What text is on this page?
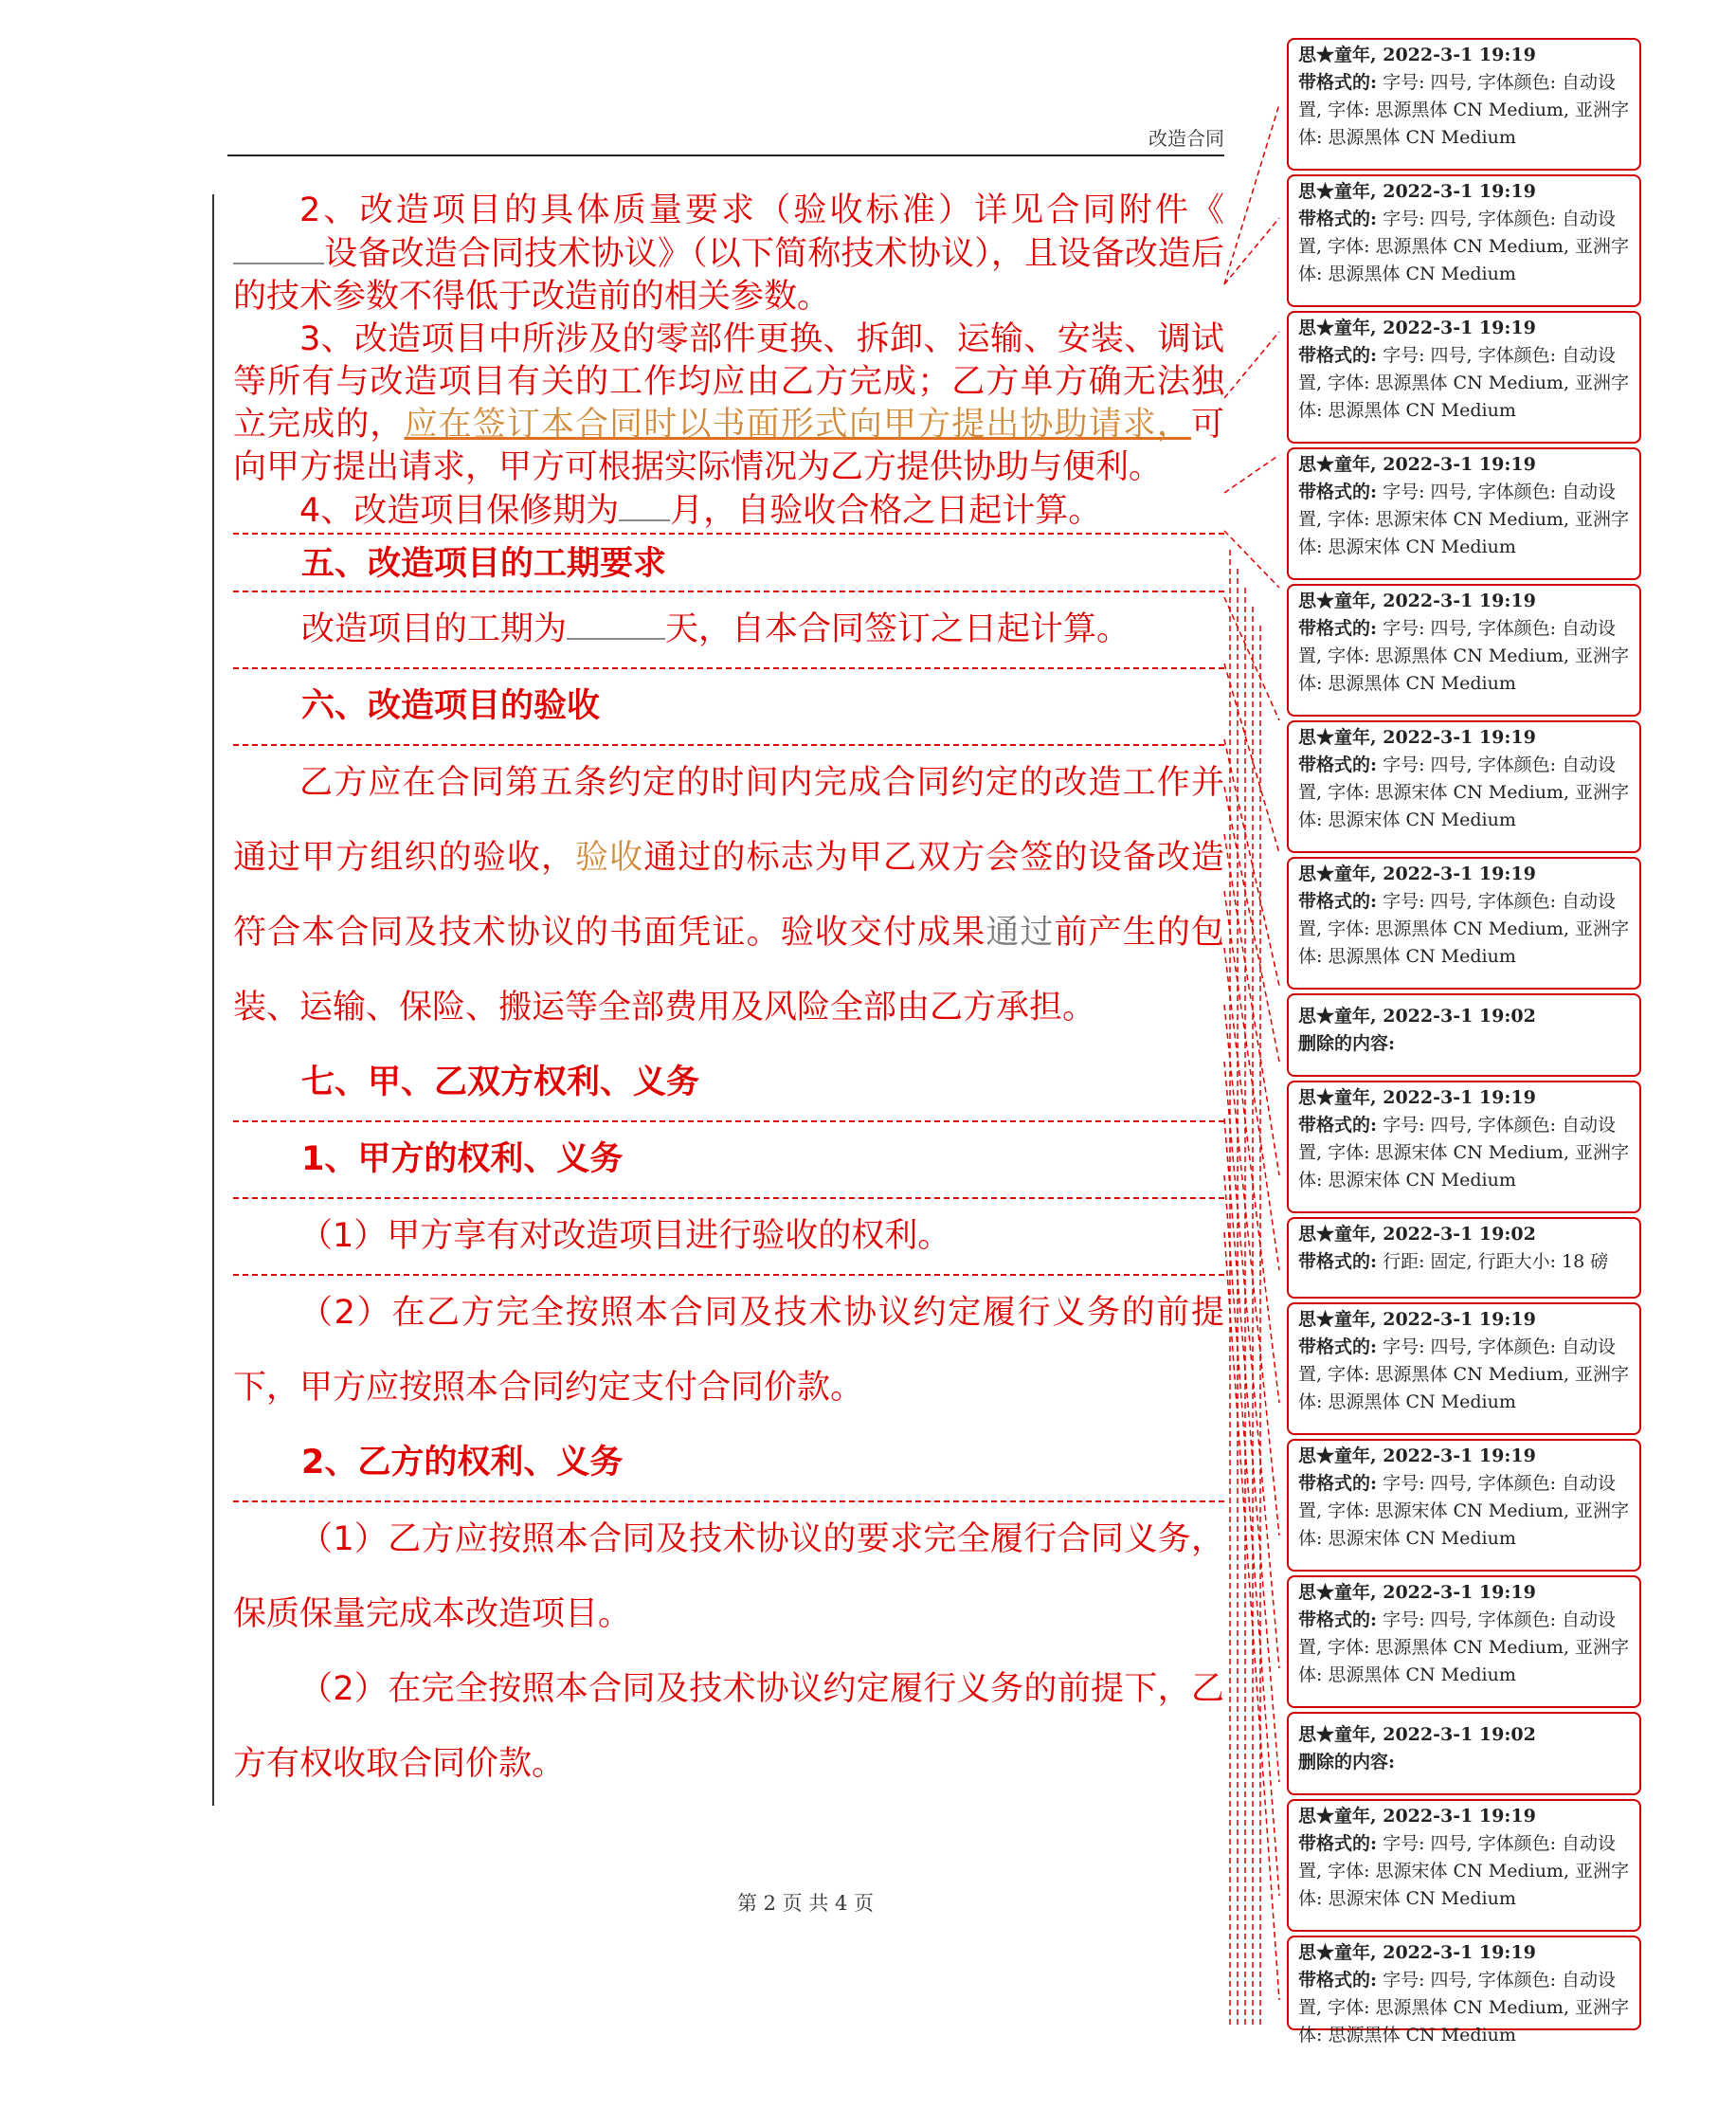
改造合同

2、改造项目的具体质量要求（验收标准）详见合同附件《设备改造合同技术协议》（以下简称技术协议），且设备改造后的技术参数不得低于改造前的相关参数。

3、改造项目中所涉及的零部件更换、拆卸、运输、安装、调试等所有与改造项目有关的工作均应由乙方完成；乙方单方确无法独立完成的，应在签订本合同时以书面形式向甲方提出协助请求，可向甲方提出请求，甲方可根据实际情况为乙方提供协助与便利。

4、改造项目保修期为 月，自验收合格之日起计算。

五、改造项目的工期要求

改造项目的工期为	天，自本合同签订之日起计算。

六、改造项目的验收

乙方应在合同第五条约定的时间内完成合同约定的改造工作并通过甲方组织的验收，验收通过的标志为甲乙双方会签的设备改造符合本合同及技术协议的书面凭证。验收交付成果通过前产生的包装、运输、保险、搬运等全部费用及风险全部由乙方承担。

七、甲、乙双方权利、义务

1、甲方的权利、义务

（1）甲方享有对改造项目进行验收的权利。

（2）在乙方完全按照本合同及技术协议约定履行义务的前提下，甲方应按照本合同约定支付合同价款。

2、乙方的权利、义务

（1）乙方应按照本合同及技术协议的要求完全履行合同义务，保质保量完成本改造项目。

（2）在完全按照本合同及技术协议约定履行义务的前提下，乙方有权收取合同价款。

第 2 页 共 4 页
思★童年, 2022-3-1 19:19
带格式的: 字号: 四号, 字体颜色: 自动设置, 字体: 思源黑体 CN Medium, 亚洲字体: 思源黑体 CN Medium
思★童年, 2022-3-1 19:19
带格式的: 字号: 四号, 字体颜色: 自动设置, 字体: 思源黑体 CN Medium, 亚洲字体: 思源黑体 CN Medium
思★童年, 2022-3-1 19:19
带格式的: 字号: 四号, 字体颜色: 自动设置, 字体: 思源黑体 CN Medium, 亚洲字体: 思源黑体 CN Medium
思★童年, 2022-3-1 19:19
带格式的: 字号: 四号, 字体颜色: 自动设置, 字体: 思源宋体 CN Medium, 亚洲字体: 思源宋体 CN Medium
思★童年, 2022-3-1 19:19
带格式的: 字号: 四号, 字体颜色: 自动设置, 字体: 思源黑体 CN Medium, 亚洲字体: 思源黑体 CN Medium
思★童年, 2022-3-1 19:19
带格式的: 字号: 四号, 字体颜色: 自动设置, 字体: 思源宋体 CN Medium, 亚洲字体: 思源宋体 CN Medium
思★童年, 2022-3-1 19:19
带格式的: 字号: 四号, 字体颜色: 自动设置, 字体: 思源黑体 CN Medium, 亚洲字体: 思源黑体 CN Medium
思★童年, 2022-3-1 19:02
删除的内容:
思★童年, 2022-3-1 19:19
带格式的: 字号: 四号, 字体颜色: 自动设置, 字体: 思源宋体 CN Medium, 亚洲字体: 思源宋体 CN Medium
思★童年, 2022-3-1 19:02
带格式的: 行距: 固定, 行距大小: 18 磅
思★童年, 2022-3-1 19:19
带格式的: 字号: 四号, 字体颜色: 自动设置, 字体: 思源黑体 CN Medium, 亚洲字体: 思源黑体 CN Medium
思★童年, 2022-3-1 19:19
带格式的: 字号: 四号, 字体颜色: 自动设置, 字体: 思源宋体 CN Medium, 亚洲字体: 思源宋体 CN Medium
思★童年, 2022-3-1 19:19
带格式的: 字号: 四号, 字体颜色: 自动设置, 字体: 思源黑体 CN Medium, 亚洲字体: 思源黑体 CN Medium
思★童年, 2022-3-1 19:02
删除的内容:
思★童年, 2022-3-1 19:19
带格式的: 字号: 四号, 字体颜色: 自动设置, 字体: 思源宋体 CN Medium, 亚洲字体: 思源宋体 CN Medium
思★童年, 2022-3-1 19:19
带格式的: 字号: 四号, 字体颜色: 自动设置, 字体: 思源黑体 CN Medium, 亚洲字体: 思源黑体 CN Medium
